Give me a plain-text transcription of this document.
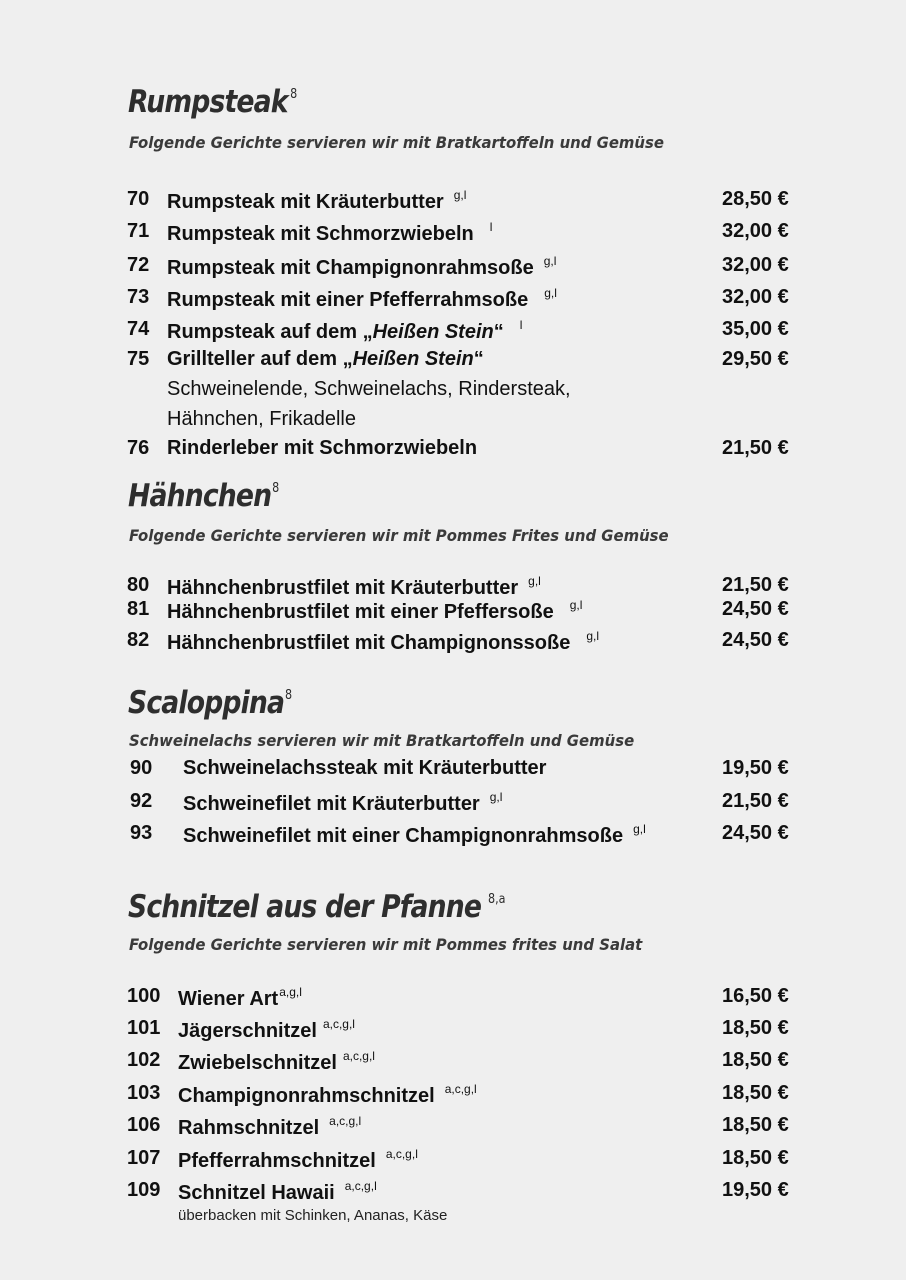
Rumpsteak $^8$
Folgende Gerichte servieren wir mit Bratkartoffeln und Gemüse
70 Rumpsteak mit Kräuterbutter $^{g,l}$	28,50 €
71 Rumpsteak mit Schmorzwiebeln $^l$	32,00 €
72 Rumpsteak mit Champignonrahmsoße $^{g,l}$	32,00 €
73 Rumpsteak mit einer Pfefferrahmsoße $^{g,l}$	32,00 €
74 Rumpsteak auf dem „Heißen Stein“ $^l$	35,00 €
75 Grillteller auf dem „Heißen Stein“	29,50 €
Schweinelende, Schweinelachs, Rindersteak,
Hähnchen, Frikadelle
76 Rinderleber mit Schmorzwiebeln	21,50 €
Hähnchen$^8$
Folgende Gerichte servieren wir mit Pommes Frites und Gemüse
80 Hähnchenbrustfilet mit Kräuterbutter $^{g,l}$	21,50 €
81 Hähnchenbrustfilet mit einer Pfeffersoße $^{g,l}$	24,50 €
82 Hähnchenbrustfilet mit Champignonssoße $^{g,l}$	24,50 €
Scaloppina$^8$
Schweinelachs servieren wir mit Bratkartoffeln und Gemüse
90 Schweinelachssteak mit Kräuterbutter	19,50 €
92 Schweinefilet mit Kräuterbutter $^{g,l}$	21,50 €
93 Schweinefilet mit einer Champignonrahmsoße $^{g,l}$	24,50 €
Schnitzel aus der Pfanne $^{8,a}$
Folgende Gerichte servieren wir mit Pommes frites und Salat
100 Wiener Art$^{a,g,l}$	16,50 €
101 Jägerschnitzel $^{a,c,g,l}$	18,50 €
102 Zwiebelschnitzel $^{a,c,g,l}$	18,50 €
103 Champignonrahmschnitzel $^{a,c,g,l}$	18,50 €
106 Rahmschnitzel $^{a,c,g,l}$	18,50 €
107 Pfefferrahmschnitzel $^{a,c,g,l}$	18,50 €
109 Schnitzel Hawaii $^{a,c,g,l}$	19,50 €
überbacken mit Schinken, Ananas, Käse
